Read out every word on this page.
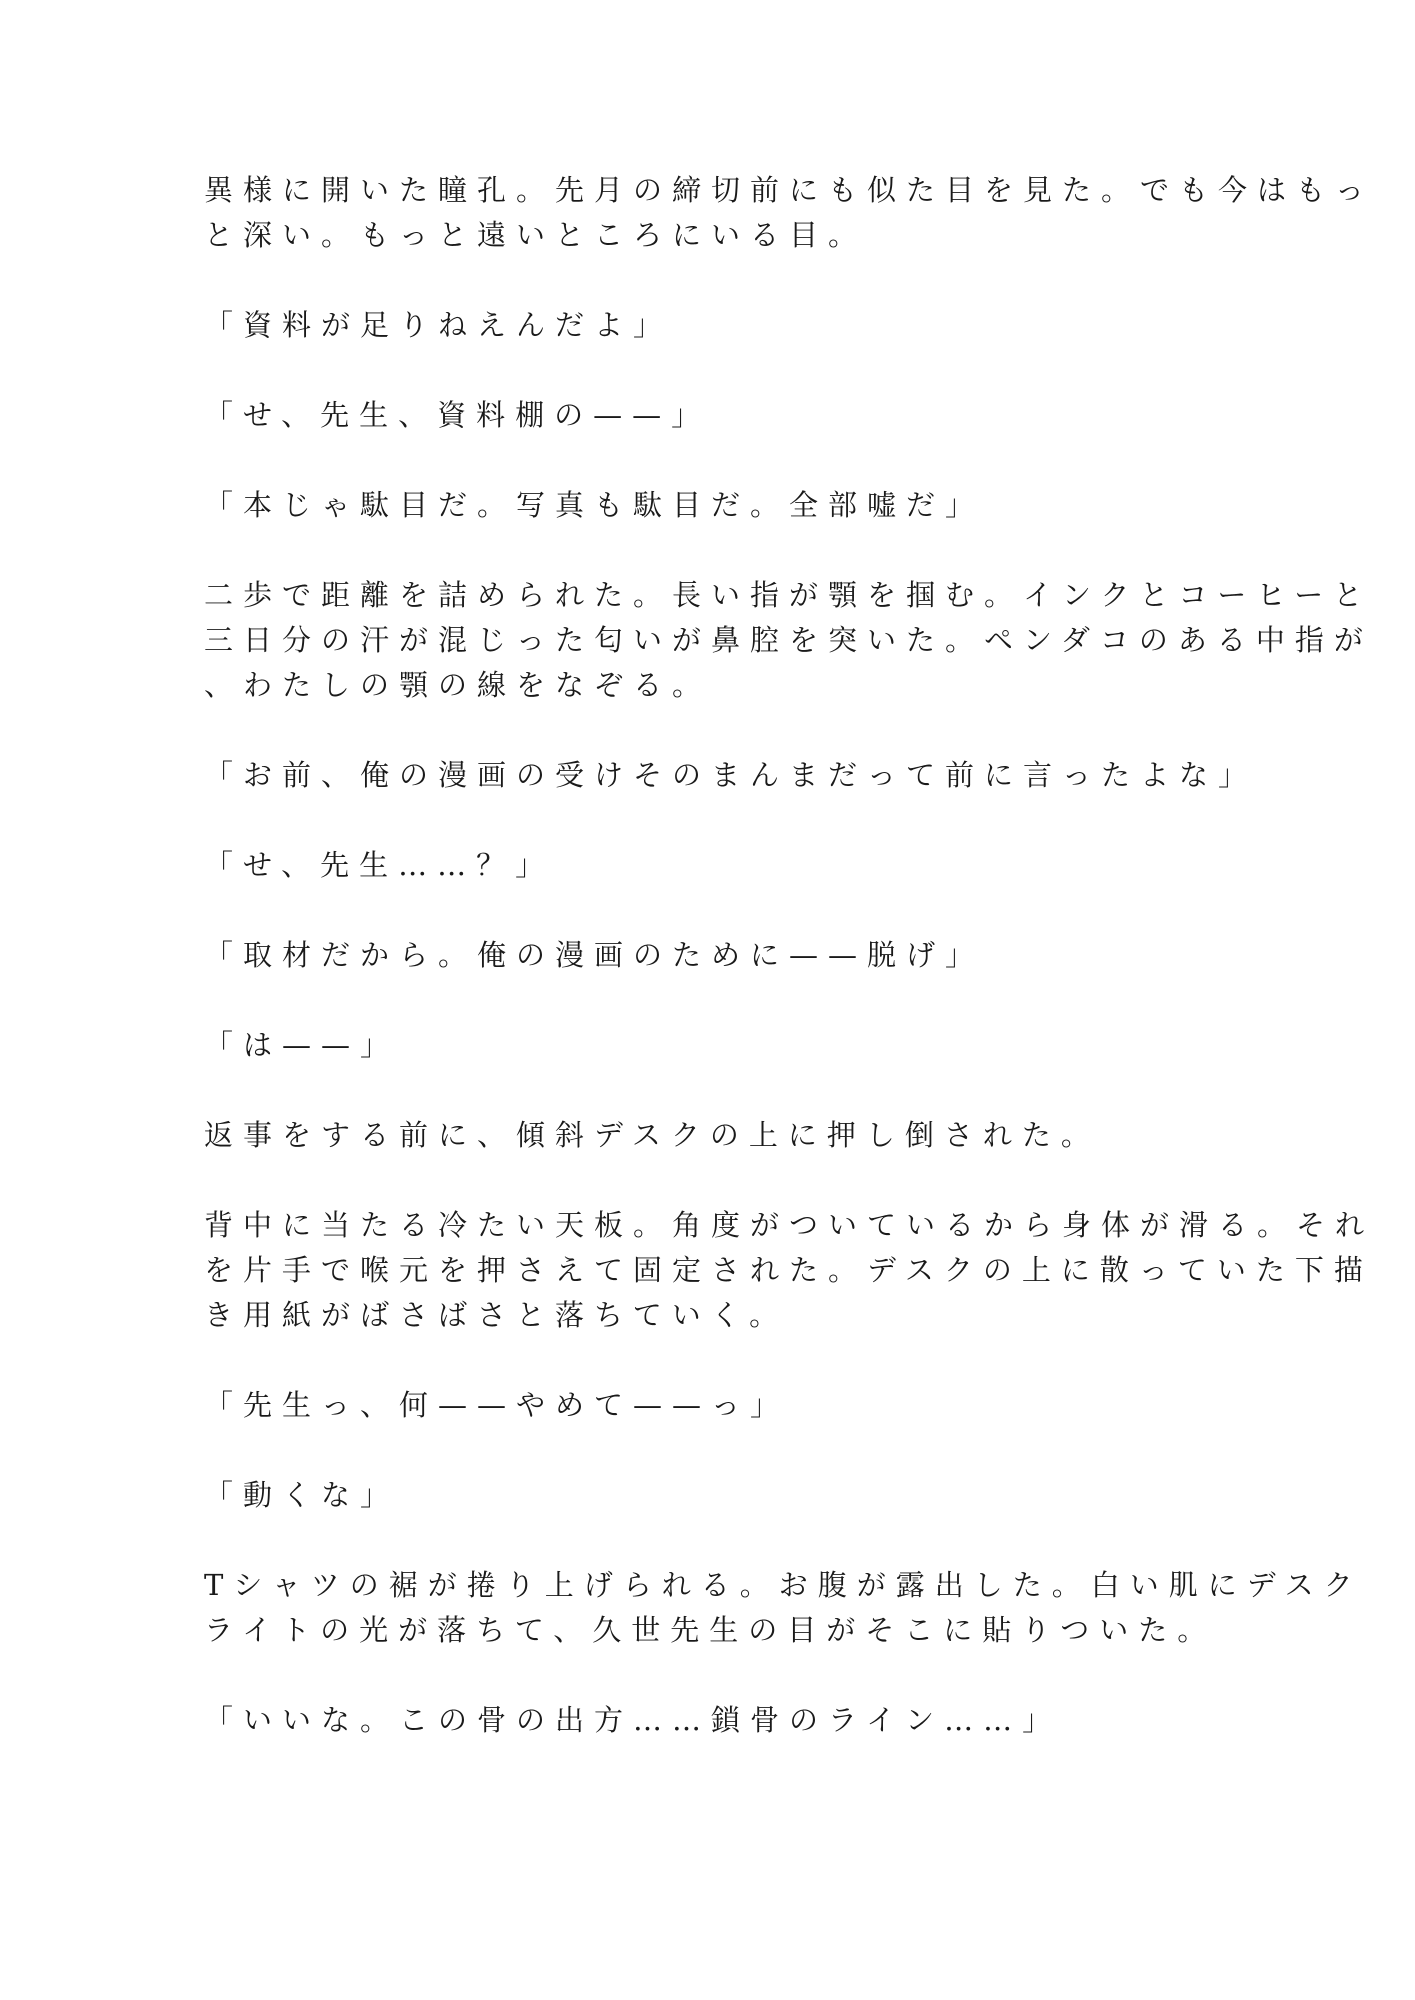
異様に開いた瞳孔。先月の締切前にも似た目を見た。でも今はもっ
と深い。もっと遠いところにいる目。
「資料が足りねえんだよ」
「せ、先生、資料棚の——」
「本じゃ駄目だ。写真も駄目だ。全部嘘だ」
二歩で距離を詰められた。長い指が顎を掴む。インクとコーヒーと
三日分の汗が混じった匂いが鼻腔を突いた。ペンダコのある中指が
、わたしの顎の線をなぞる。
「お前、俺の漫画の受けそのまんまだって前に言ったよな」
「せ、先生……？」
「取材だから。俺の漫画のために——脱げ」
「は——」
返事をする前に、傾斜デスクの上に押し倒された。
背中に当たる冷たい天板。角度がついているから身体が滑る。それ
を片手で喉元を押さえて固定された。デスクの上に散っていた下描
き用紙がばさばさと落ちていく。
「先生っ、何——やめて——っ」
「動くな」
Tシャツの裾が捲り上げられる。お腹が露出した。白い肌にデスク
ライトの光が落ちて、久世先生の目がそこに貼りついた。
「いいな。この骨の出方……鎖骨のライン……」
